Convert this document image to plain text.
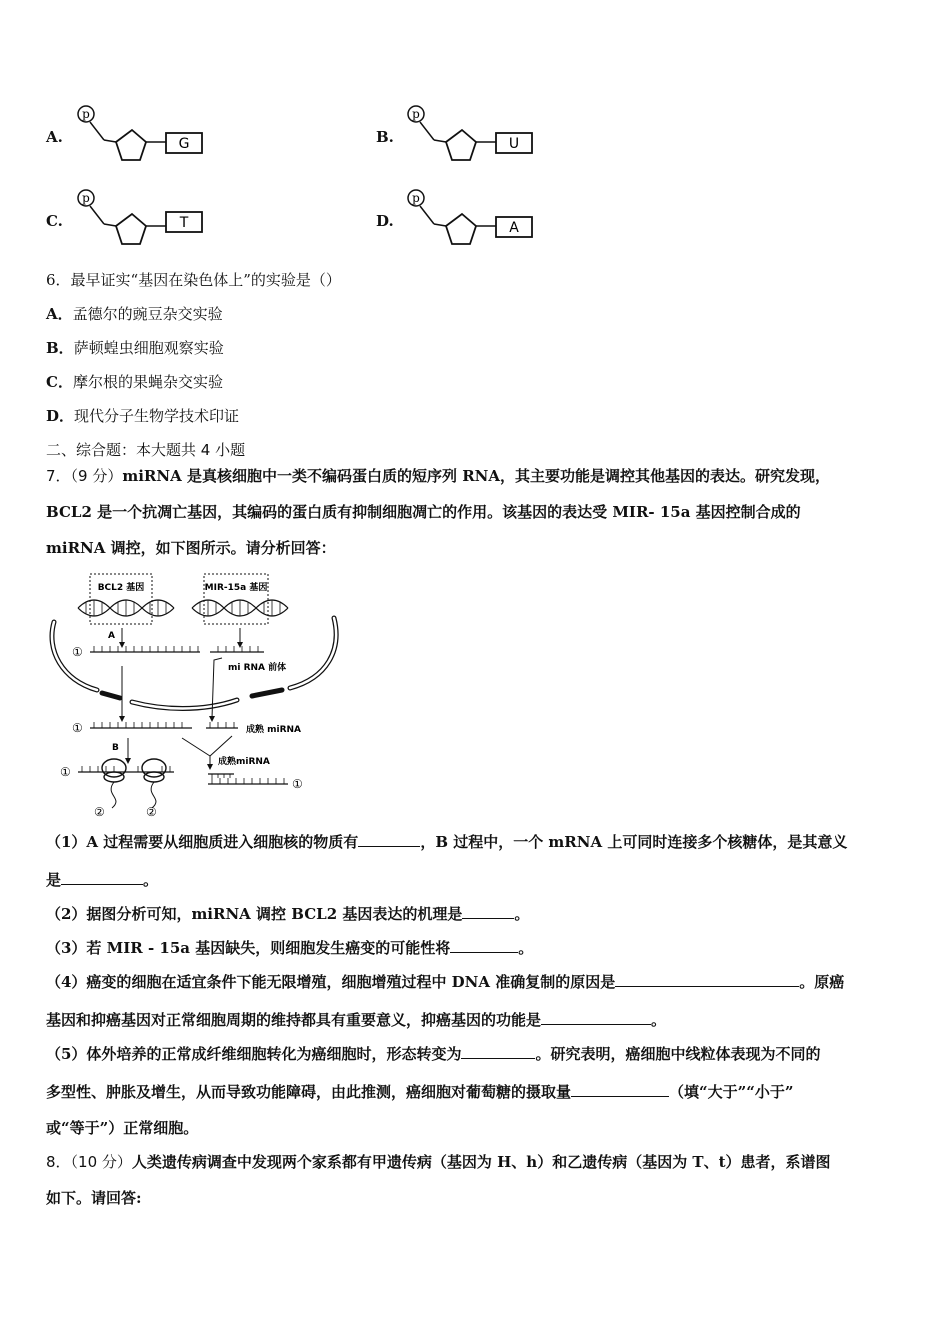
A.
p
G	B.
p
U
C.
p
T	D.
p
A
6．最早证实“基因在染色体上”的实验是（）
A．孟德尔的豌豆杂交实验
B．萨顿蝗虫细胞观察实验
C．摩尔根的果蝇杂交实验
D．现代分子生物学技术印证
二、综合题：本大题共 4 小题
7．（9 分）miRNA 是真核细胞中一类不编码蛋白质的短序列 RNA，其主要功能是调控其他基因的表达。研究发现，
BCL2 是一个抗凋亡基因，其编码的蛋白质有抑制细胞凋亡的作用。该基因的表达受 MIR- 15a 基因控制合成的
miRNA 调控，如下图所示。请分析回答：
BCL2 基因	MIR-15a 基因
A
①
mi RNA 前体
①	成熟 miRNA
B
成熟miRNA
①
②	②
①
（1）A 过程需要从细胞质进入细胞核的物质有	，B 过程中，一个 mRNA 上可同时连接多个核糖体，是其意义
是	。
（2）据图分析可知，miRNA 调控 BCL2 基因表达的机理是	。
（3）若 MIR - 15a 基因缺失，则细胞发生癌变的可能性将	。
（4）癌变的细胞在适宜条件下能无限增殖，细胞增殖过程中 DNA 准确复制的原因是	。原癌
基因和抑癌基因对正常细胞周期的维持都具有重要意义，抑癌基因的功能是	。
（5）体外培养的正常成纤维细胞转化为癌细胞时，形态转变为	。研究表明，癌细胞中线粒体表现为不同的
多型性、肿胀及增生，从而导致功能障碍，由此推测，癌细胞对葡萄糖的摄取量	（填“大于”“小于”
或“等于”）正常细胞。
8．（10 分）人类遗传病调查中发现两个家系都有甲遗传病（基因为 H、h）和乙遗传病（基因为 T、t）患者，系谱图
如下。请回答:
